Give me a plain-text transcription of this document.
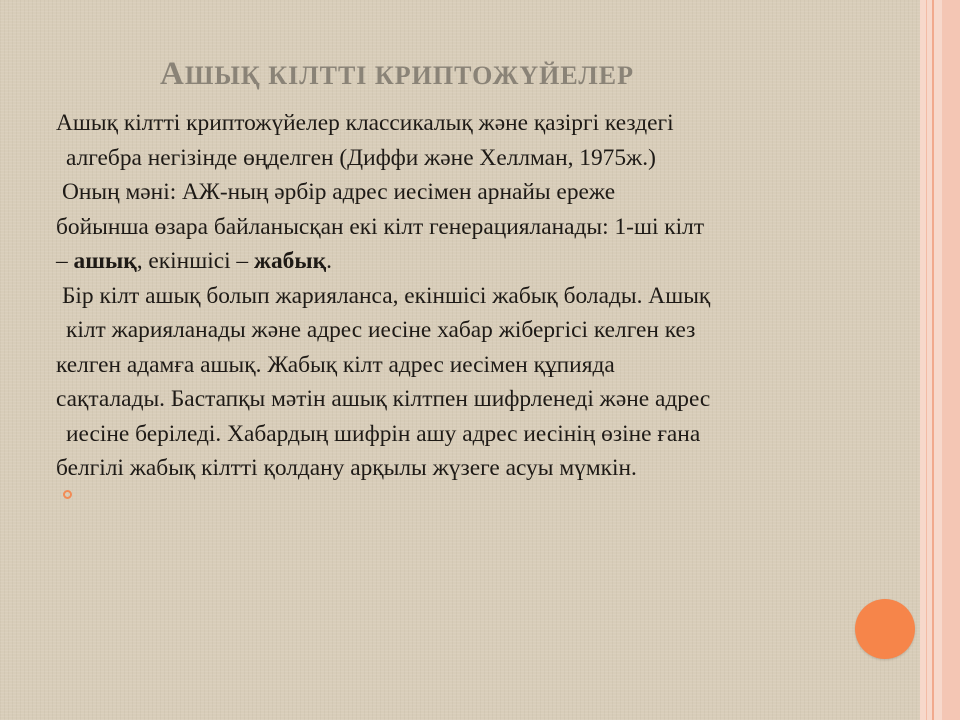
АШЫҚ КІЛТТІ КРИПТОЖҮЙЕЛЕР
Ашық кілтті криптожүйелер классикалық және қазіргі кездегі
алгебра негізінде өңделген (Диффи және Хеллман, 1975ж.)
Оның мәні: АЖ-ның әрбір адрес иесімен арнайы ереже
бойынша өзара байланысқан екі кілт генерацияланады: 1-ші кілт
– ашық, екіншісі – жабық.
Бір кілт ашық болып жарияланса, екіншісі жабық болады. Ашық
кілт жарияланады және адрес иесіне хабар жібергісі келген кез
келген адамға ашық. Жабық кілт адрес иесімен құпияда
сақталады. Бастапқы мәтін ашық кілтпен шифрленеді және адрес
иесіне беріледі. Хабардың шифрін ашу адрес иесінің өзіне ғана
белгілі жабық кілтті қолдану арқылы жүзеге асуы мүмкін.
